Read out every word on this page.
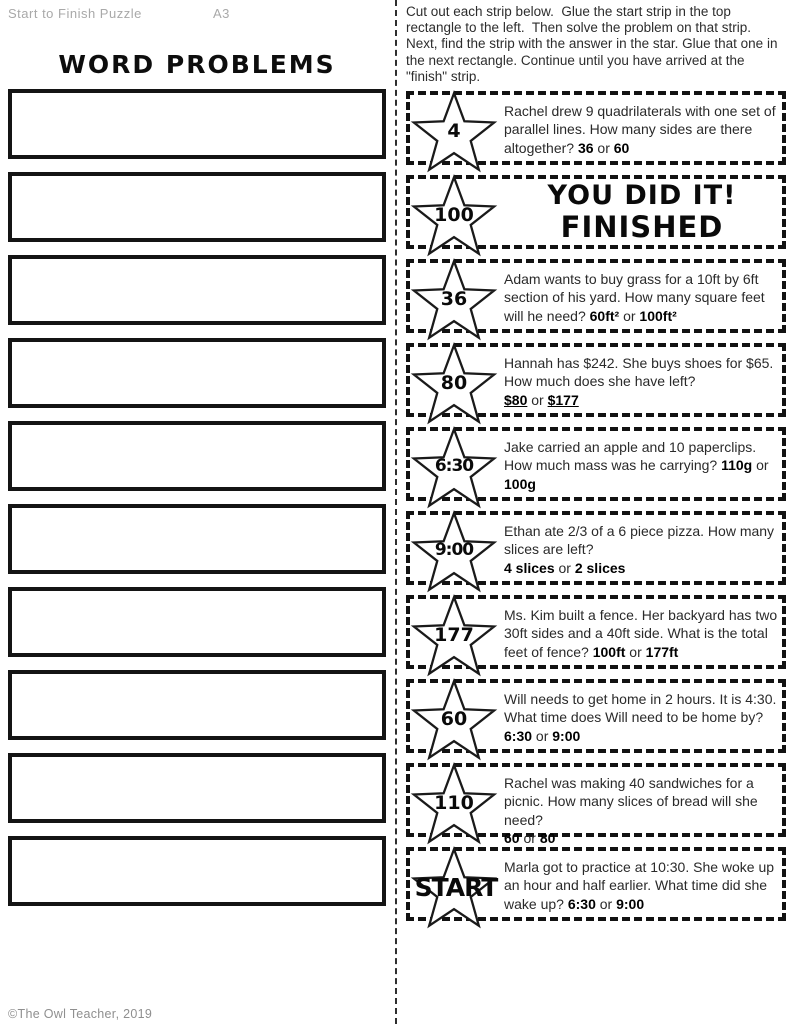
Start to Finish Puzzle	A3
WORD PROBLEMS
©The Owl Teacher, 2019
Cut out each strip below.  Glue the start strip in the top rectangle to the left.  Then solve the problem on that strip.  Next, find the strip with the answer in the star. Glue that one in the next rectangle. Continue until you have arrived at the "finish" strip.
4
Rachel drew 9 quadrilaterals with one set of parallel lines. How many sides are there altogether? 36 or 60
100
YOU DID IT!
FINISHED
36
Adam wants to buy grass for a 10ft by 6ft section of his yard. How many square feet will he need? 60ft² or 100ft²
80
Hannah has $242. She buys shoes for $65. How much does she have left?
$80 or $177
6:30
Jake carried an apple and 10 paperclips. How much mass was he carrying? 110g or 100g
9:00
Ethan ate 2/3 of a 6 piece pizza. How many slices are left?
4 slices or 2 slices
177
Ms. Kim built a fence. Her backyard has two 30ft sides and a 40ft side. What is the total feet of fence? 100ft or 177ft
60
Will needs to get home in 2 hours. It is 4:30. What time does Will need to be home by? 6:30 or 9:00
110
Rachel was making 40 sandwiches for a picnic. How many slices of bread will she need?
60 or 80
START
Marla got to practice at 10:30. She woke up an hour and half earlier. What time did she wake up? 6:30 or 9:00
